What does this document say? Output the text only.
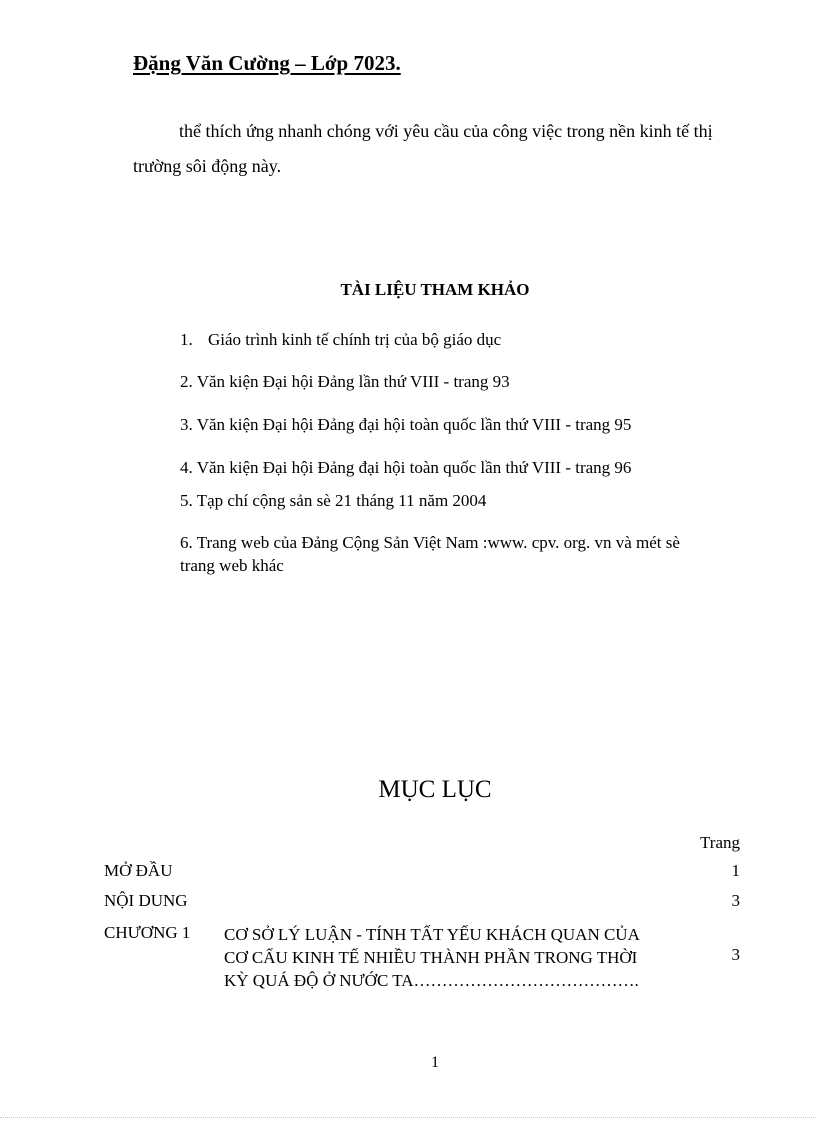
Đặng Văn Cường – Lớp 7023.
thể thích ứng nhanh chóng với yêu cầu của công việc trong nền kinh tế thị
trường sôi động này.
TÀI LIỆU THAM KHẢO
1. Giáo trình kinh tế chính trị của bộ giáo dục
2. Văn kiện Đại hội Đảng lần thứ VIII - trang 93
3. Văn kiện Đại hội Đảng đại hội toàn quốc lần thứ VIII - trang 95
4. Văn kiện Đại hội Đảng đại hội toàn quốc lần thứ VIII - trang 96
5. Tạp chí cộng sản sè 21 tháng 11 năm 2004
6. Trang web của Đảng Cộng Sản Việt Nam :www. cpv. org. vn và mét sè
trang web khác
MỤC LỤC
Trang
MỞ ĐẦU	1
NỘI DUNG	3
CHƯƠNG 1 CƠ SỞ LÝ LUẬN - TÍNH TẤT YẾU KHÁCH QUAN CỦA
CƠ CẤU KINH TẾ NHIỀU THÀNH PHẦN TRONG THỜI
KỲ QUÁ ĐỘ Ở NƯỚC TA………………………………….
3
1
